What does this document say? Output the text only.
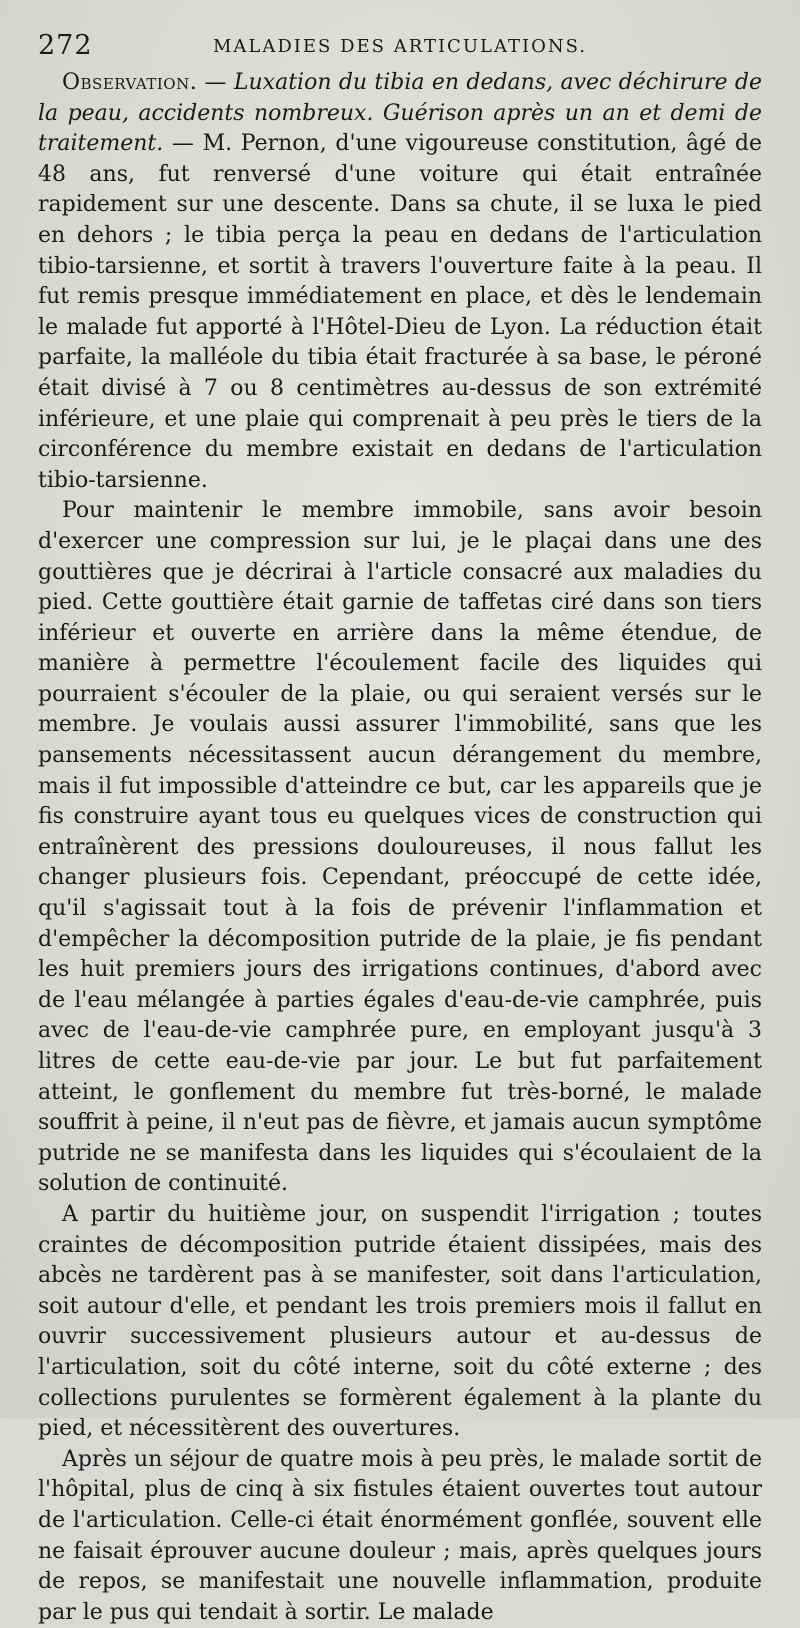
272	MALADIES DES ARTICULATIONS.

Observation. — Luxation du tibia en dedans, avec déchirure de la peau, accidents nombreux. Guérison après un an et demi de traitement. — M. Pernon, d'une vigoureuse constitution, âgé de 48 ans, fut renversé d'une voiture qui était entraînée rapidement sur une descente. Dans sa chute, il se luxa le pied en dehors ; le tibia perça la peau en dedans de l'articulation tibio-tarsienne, et sortit à travers l'ouverture faite à la peau. Il fut remis presque immédiatement en place, et dès le lendemain le malade fut apporté à l'Hôtel-Dieu de Lyon. La réduction était parfaite, la malléole du tibia était fracturée à sa base, le péroné était divisé à 7 ou 8 centimètres au-dessus de son extrémité inférieure, et une plaie qui comprenait à peu près le tiers de la circonférence du membre existait en dedans de l'articulation tibio-tarsienne.

Pour maintenir le membre immobile, sans avoir besoin d'exercer une compression sur lui, je le plaçai dans une des gouttières que je décrirai à l'article consacré aux maladies du pied. Cette gouttière était garnie de taffetas ciré dans son tiers inférieur et ouverte en arrière dans la même étendue, de manière à permettre l'écoulement facile des liquides qui pourraient s'écouler de la plaie, ou qui seraient versés sur le membre. Je voulais aussi assurer l'immobilité, sans que les pansements nécessitassent aucun dérangement du membre, mais il fut impossible d'atteindre ce but, car les appareils que je fis construire ayant tous eu quelques vices de construction qui entraînèrent des pressions douloureuses, il nous fallut les changer plusieurs fois. Cependant, préoccupé de cette idée, qu'il s'agissait tout à la fois de prévenir l'inflammation et d'empêcher la décomposition putride de la plaie, je fis pendant les huit premiers jours des irrigations continues, d'abord avec de l'eau mélangée à parties égales d'eau-de-vie camphrée, puis avec de l'eau-de-vie camphrée pure, en employant jusqu'à 3 litres de cette eau-de-vie par jour. Le but fut parfaitement atteint, le gonflement du membre fut très-borné, le malade souffrit à peine, il n'eut pas de fièvre, et jamais aucun symptôme putride ne se manifesta dans les liquides qui s'écoulaient de la solution de continuité.

A partir du huitième jour, on suspendit l'irrigation ; toutes craintes de décomposition putride étaient dissipées, mais des abcès ne tardèrent pas à se manifester, soit dans l'articulation, soit autour d'elle, et pendant les trois premiers mois il fallut en ouvrir successivement plusieurs autour et au-dessus de l'articulation, soit du côté interne, soit du côté externe ; des collections purulentes se formèrent également à la plante du pied, et nécessitèrent des ouvertures.

Après un séjour de quatre mois à peu près, le malade sortit de l'hôpital, plus de cinq à six fistules étaient ouvertes tout autour de l'articulation. Celle-ci était énormément gonflée, souvent elle ne faisait éprouver aucune douleur ; mais, après quelques jours de repos, se manifestait une nouvelle inflammation, produite par le pus qui tendait à sortir. Le malade
